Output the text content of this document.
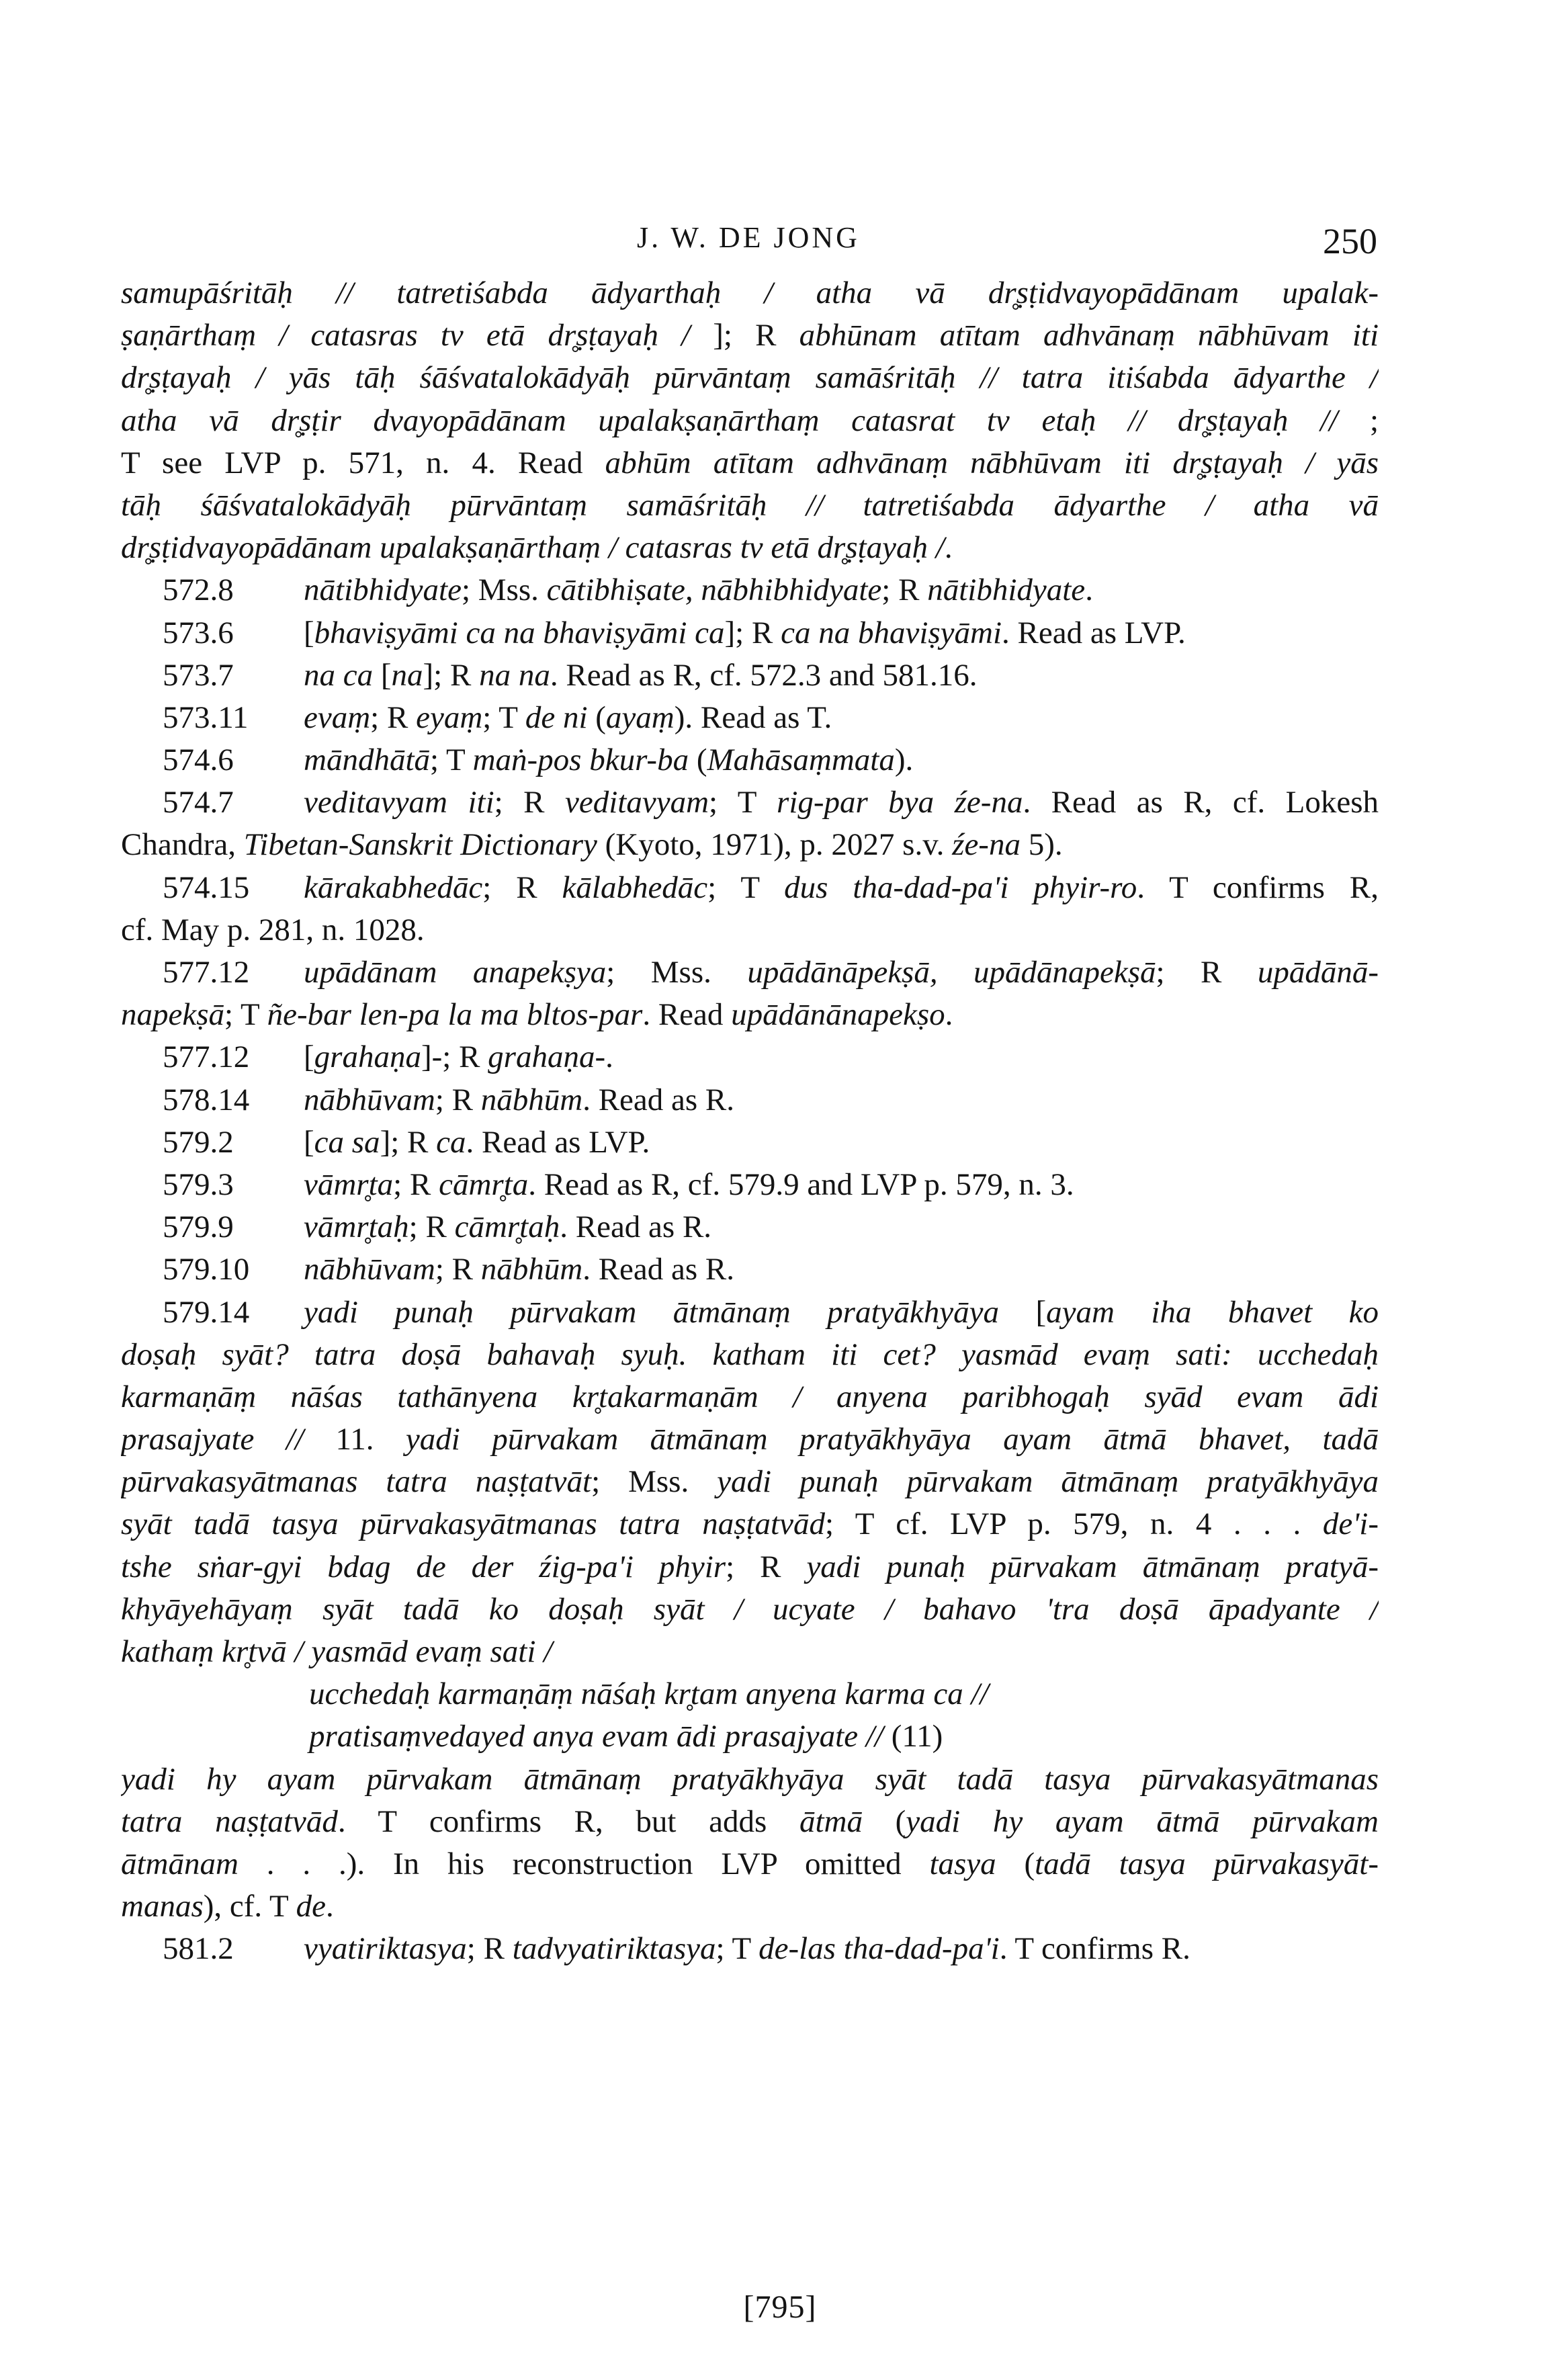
J. W. DE JONG	250
samupāśritāḥ // tatretiśabda ādyarthaḥ / atha vā dr̥ṣṭidvayopādānam upalak-
ṣaṇārthaṃ / catasras tv etā dr̥ṣṭayaḥ / ]; R abhūnam atītam adhvānaṃ nābhūvam iti
dr̥ṣṭayaḥ / yās tāḥ śāśvatalokādyāḥ pūrvāntaṃ samāśritāḥ // tatra itiśabda ādyarthe /
atha vā dr̥ṣṭir dvayopādānam upalakṣaṇārthaṃ catasrat tv etaḥ // dr̥ṣṭayaḥ // ;
T see LVP p. 571, n. 4. Read abhūm atītam adhvānaṃ nābhūvam iti dr̥ṣṭayaḥ / yās
tāḥ śāśvatalokādyāḥ pūrvāntaṃ samāśritāḥ // tatretiśabda ādyarthe / atha vā
dr̥ṣṭidvayopādānam upalakṣaṇārthaṃ / catasras tv etā dr̥ṣṭayaḥ /.
572.8 nātibhidyate; Mss. cātibhiṣate, nābhibhidyate; R nātibhidyate.
573.6 [bhaviṣyāmi ca na bhaviṣyāmi ca]; R ca na bhaviṣyāmi. Read as LVP.
573.7 na ca [na]; R na na. Read as R, cf. 572.3 and 581.16.
573.11 evaṃ; R eyaṃ; T de ni (ayaṃ). Read as T.
574.6 māndhātā; T maṅ-pos bkur-ba (Mahāsaṃmata).
574.7 veditavyam iti; R veditavyam; T rig-par bya źe-na. Read as R, cf. Lokesh
Chandra, Tibetan-Sanskrit Dictionary (Kyoto, 1971), p. 2027 s.v. źe-na 5).
574.15 kārakabhedāc; R kālabhedāc; T dus tha-dad-pa'i phyir-ro. T confirms R,
cf. May p. 281, n. 1028.
577.12 upādānam anapekṣya; Mss. upādānāpekṣā, upādānapekṣā; R upādānā-
napekṣā; T ñe-bar len-pa la ma bltos-par. Read upādānānapekṣo.
577.12 [grahaṇa]-; R grahaṇa-.
578.14 nābhūvam; R nābhūm. Read as R.
579.2 [ca sa]; R ca. Read as LVP.
579.3 vāmr̥ta; R cāmr̥ta. Read as R, cf. 579.9 and LVP p. 579, n. 3.
579.9 vāmr̥taḥ; R cāmr̥taḥ. Read as R.
579.10 nābhūvam; R nābhūm. Read as R.
579.14 yadi punaḥ pūrvakam ātmānaṃ pratyākhyāya [ayam iha bhavet ko
doṣaḥ syāt? tatra doṣā bahavaḥ syuḥ. katham iti cet? yasmād evaṃ sati: ucchedaḥ
karmaṇāṃ nāśas tathānyena kr̥takarmaṇām / anyena paribhogaḥ syād evam ādi
prasajyate // 11. yadi pūrvakam ātmānaṃ pratyākhyāya ayam ātmā bhavet, tadā
pūrvakasyātmanas tatra naṣṭatvāt; Mss. yadi punaḥ pūrvakam ātmānaṃ pratyākhyāya
syāt tadā tasya pūrvakasyātmanas tatra naṣṭatvād; T cf. LVP p. 579, n. 4 . . . de'i-
tshe sṅar-gyi bdag de der źig-pa'i phyir; R yadi punaḥ pūrvakam ātmānaṃ pratyā-
khyāyehāyaṃ syāt tadā ko doṣaḥ syāt / ucyate / bahavo 'tra doṣā āpadyante /
kathaṃ kr̥tvā / yasmād evaṃ sati /
ucchedaḥ karmaṇāṃ nāśaḥ kr̥tam anyena karma ca //
pratisaṃvedayed anya evam ādi prasajyate // (11)
yadi hy ayam pūrvakam ātmānaṃ pratyākhyāya syāt tadā tasya pūrvakasyātmanas
tatra naṣṭatvād. T confirms R, but adds ātmā (yadi hy ayam ātmā pūrvakam
ātmānam . . .). In his reconstruction LVP omitted tasya (tadā tasya pūrvakasyāt-
manas), cf. T de.
581.2 vyatiriktasya; R tadvyatiriktasya; T de-las tha-dad-pa'i. T confirms R.
[795]
